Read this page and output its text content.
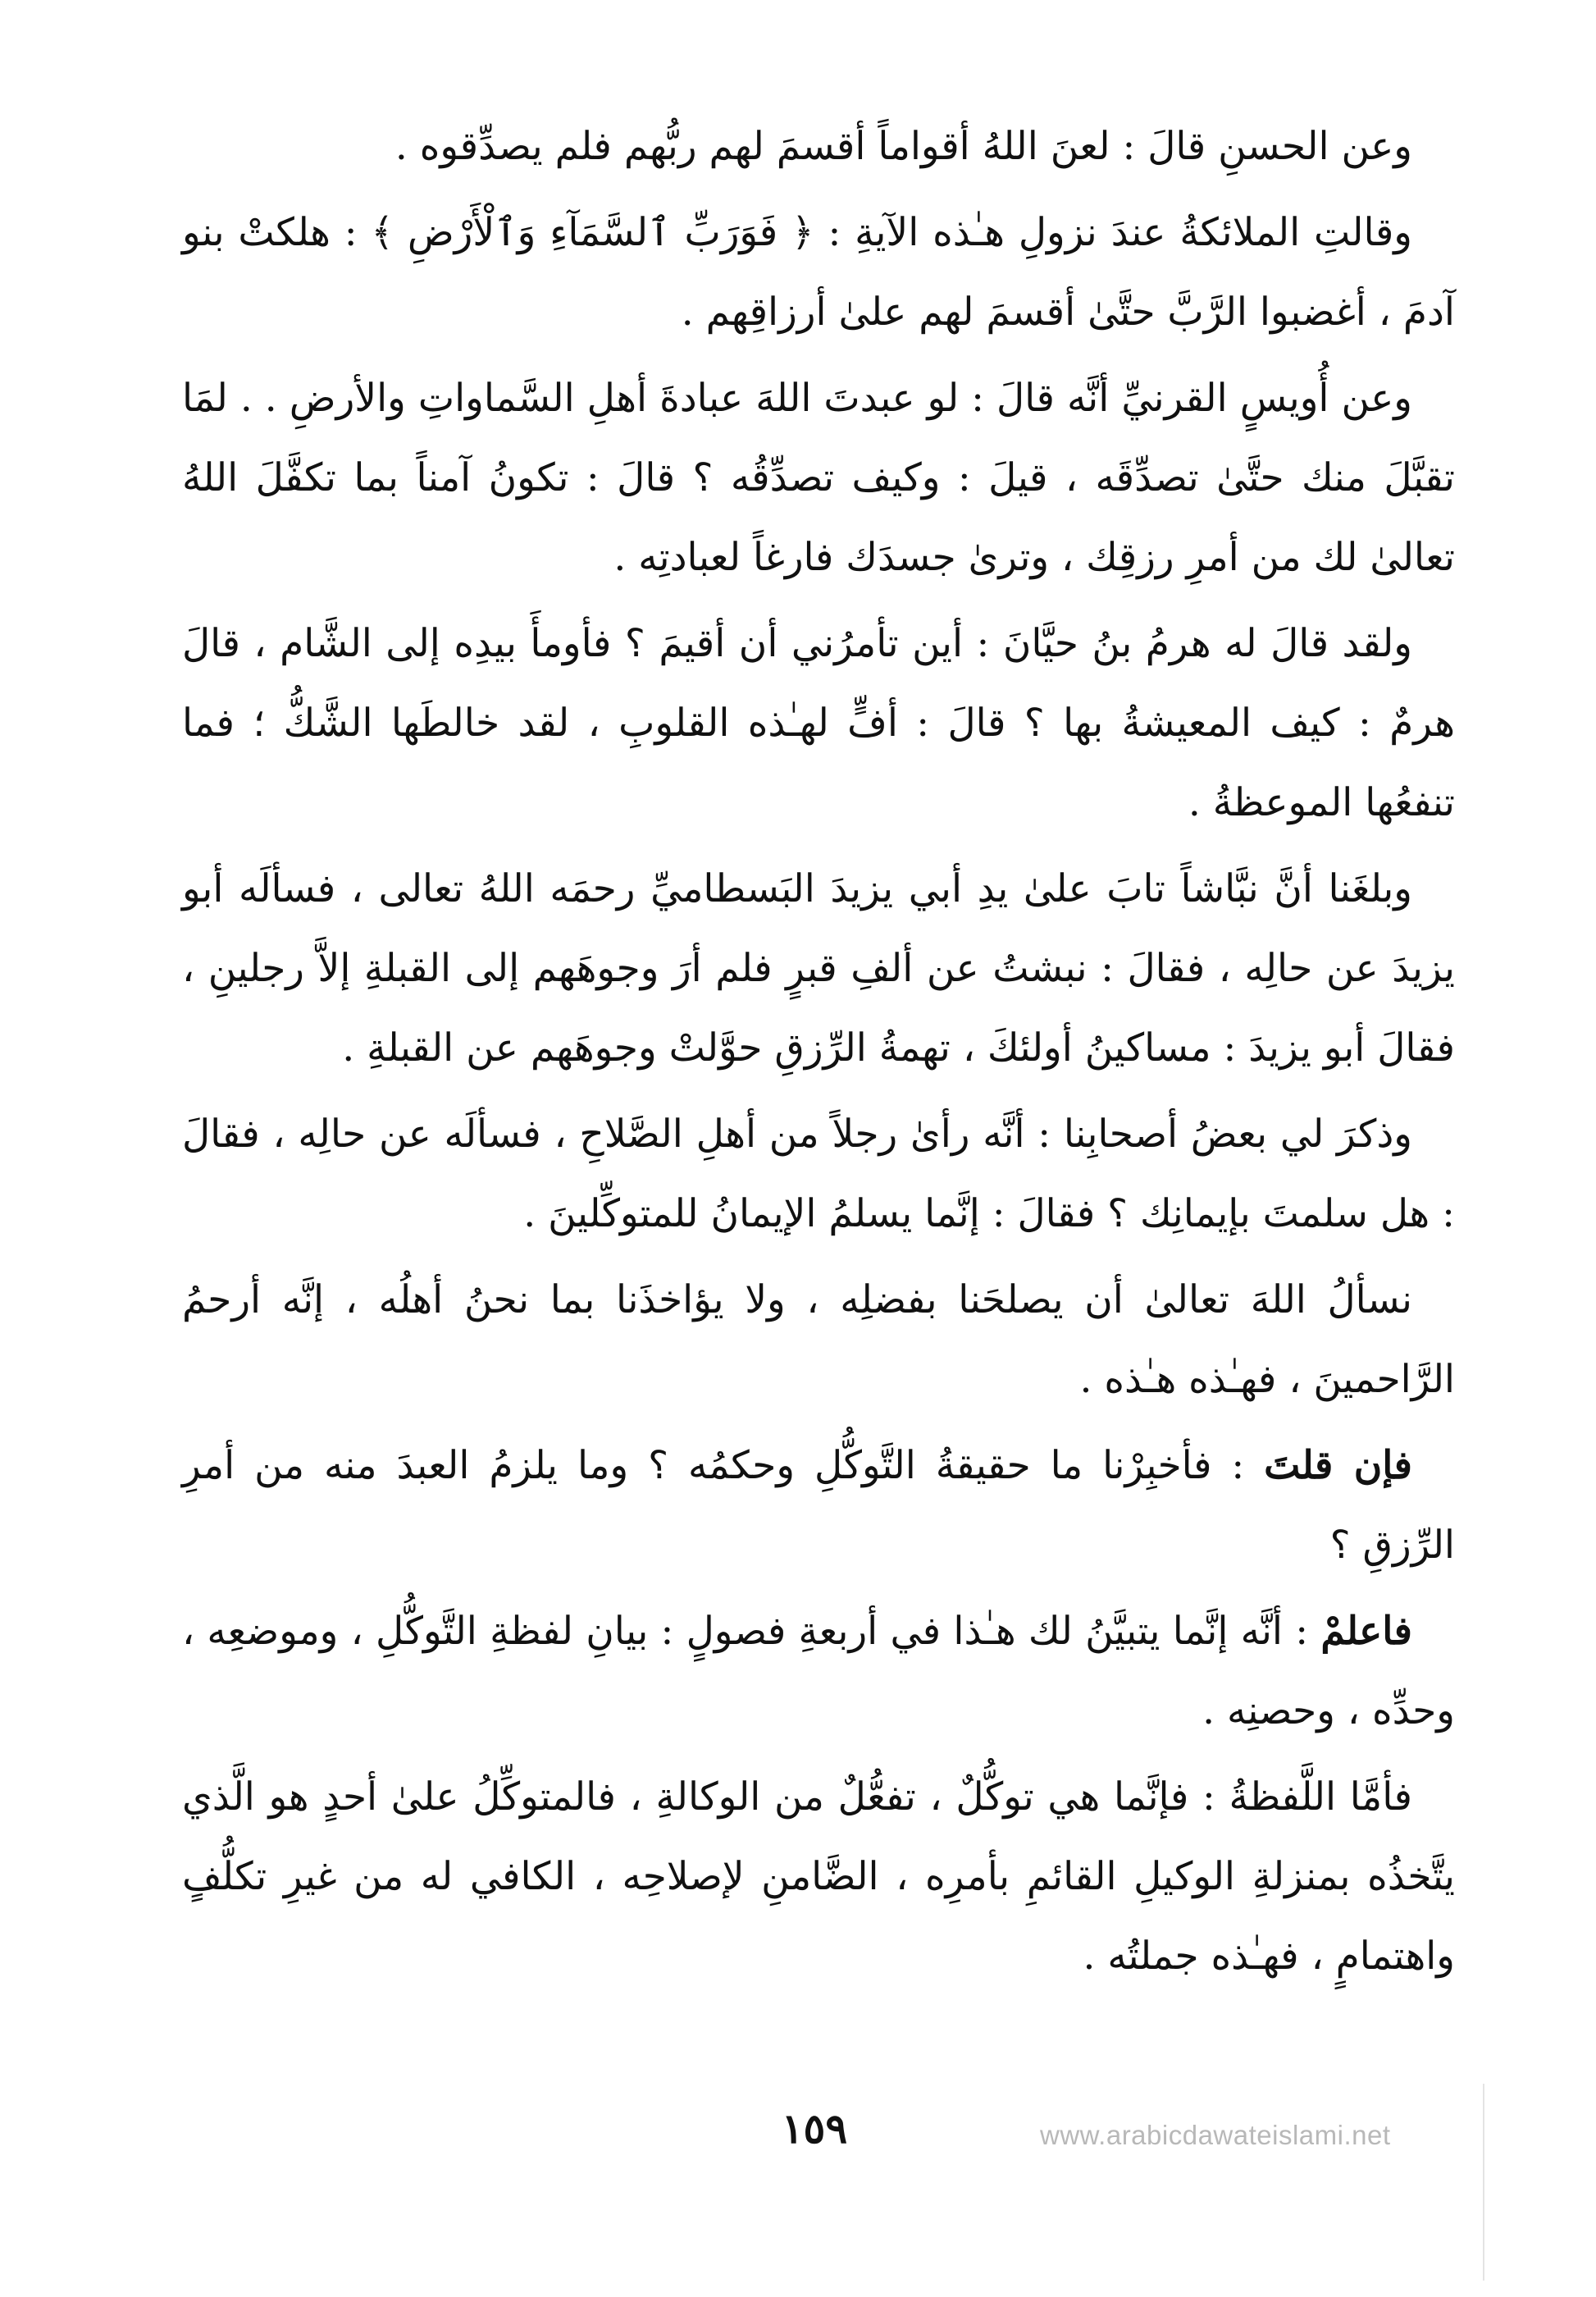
وعن الحسنِ قالَ : لعنَ اللهُ أقواماً أقسمَ لهم ربُّهم فلم يصدِّقوه .

وقالتِ الملائكةُ عندَ نزولِ هـٰذه الآيةِ : ﴿ فَوَرَبِّ ٱلسَّمَآءِ وَٱلْأَرْضِ ﴾ : هلكتْ بنو آدمَ ، أغضبوا الرَّبَّ حتَّىٰ أقسمَ لهم علىٰ أرزاقِهم .

وعن أُويسٍ القرنيِّ أنَّه قالَ : لو عبدتَ اللهَ عبادةَ أهلِ السَّماواتِ والأرضِ . . لمَا تقبَّلَ منك حتَّىٰ تصدِّقَه ، قيلَ : وكيف تصدِّقُه ؟ قالَ : تكونُ آمناً بما تكفَّلَ اللهُ تعالىٰ لك من أمرِ رزقِك ، وترىٰ جسدَك فارغاً لعبادتِه .

ولقد قالَ له هرمُ بنُ حيَّانَ : أين تأمرُني أن أقيمَ ؟ فأومأَ بيدِه إلى الشَّام ، قالَ هرمٌ : كيف المعيشةُ بها ؟ قالَ : أفٍّ لهـٰذه القلوبِ ، لقد خالطَها الشَّكُّ ؛ فما تنفعُها الموعظةُ .

وبلغَنا أنَّ نبَّاشاً تابَ علىٰ يدِ أبي يزيدَ البَسطاميِّ رحمَه اللهُ تعالى ، فسألَه أبو يزيدَ عن حالِه ، فقالَ : نبشتُ عن ألفِ قبرٍ فلم أرَ وجوهَهم إلى القبلةِ إلاَّ رجلينِ ، فقالَ أبو يزيدَ : مساكينُ أولئكَ ، تهمةُ الرِّزقِ حوَّلتْ وجوهَهم عن القبلةِ .

وذكرَ لي بعضُ أصحابِنا : أنَّه رأىٰ رجلاً من أهلِ الصَّلاحِ ، فسألَه عن حالِه ، فقالَ : هل سلمتَ بإيمانِك ؟ فقالَ : إنَّما يسلمُ الإيمانُ للمتوكِّلينَ .

نسألُ اللهَ تعالىٰ أن يصلحَنا بفضلِه ، ولا يؤاخذَنا بما نحنُ أهلُه ، إنَّه أرحمُ الرَّاحمينَ ، فهـٰذه هـٰذه .

فإن قلتَ : فأخبِرْنا ما حقيقةُ التَّوكُّلِ وحكمُه ؟ وما يلزمُ العبدَ منه من أمرِ الرِّزقِ ؟

فاعلمْ : أنَّه إنَّما يتبيَّنُ لك هـٰذا في أربعةِ فصولٍ : بيانِ لفظةِ التَّوكُّلِ ، وموضعِه ، وحدِّه ، وحصنِه .

فأمَّا اللَّفظةُ : فإنَّما هي توكُّلٌ ، تفعُّلٌ من الوكالةِ ، فالمتوكِّلُ علىٰ أحدٍ هو الَّذي يتَّخذُه بمنزلةِ الوكيلِ القائمِ بأمرِه ، الضَّامنِ لإصلاحِه ، الكافي له من غيرِ تكلُّفٍ واهتمامٍ ، فهـٰذه جملتُه .

١٥٩	www.arabicdawateislami.net
